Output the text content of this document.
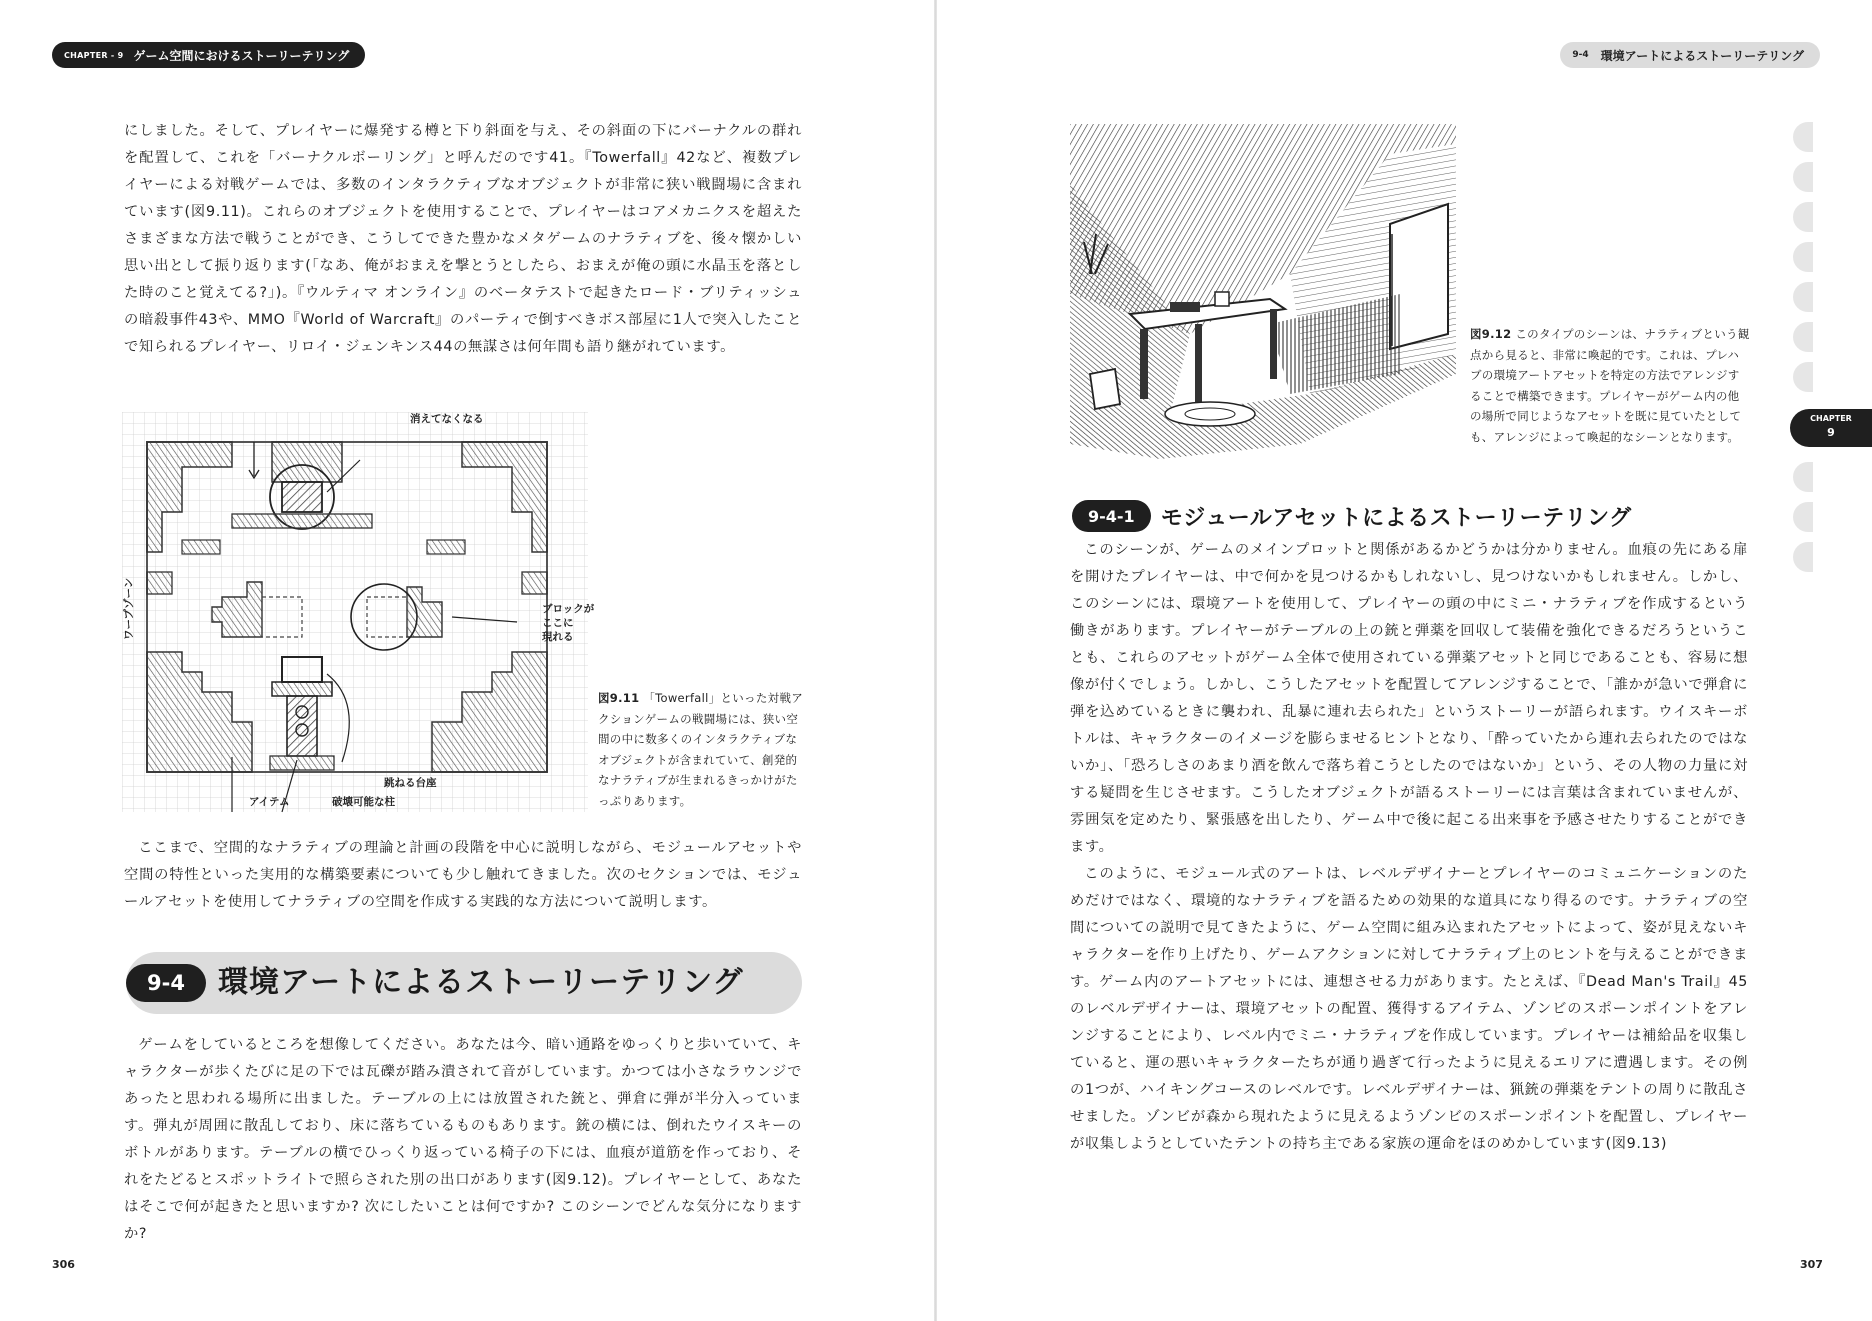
CHAPTER - 9 ゲーム空間におけるストーリーテリング

にしました。そして、プレイヤーに爆発する樽と下り斜面を与え、その斜面の下にバーナクルの群れを配置して、これを「バーナクルボーリング」と呼んだのです41。『Towerfall』42など、複数プレイヤーによる対戦ゲームでは、多数のインタラクティブなオブジェクトが非常に狭い戦闘場に含まれています(図9.11)。これらのオブジェクトを使用することで、プレイヤーはコアメカニクスを超えたさまざまな方法で戦うことができ、こうしてできた豊かなメタゲームのナラティブを、後々懐かしい思い出として振り返ります(「なあ、俺がおまえを撃とうとしたら、おまえが俺の頭に水晶玉を落とした時のこと覚えてる?」)。『ウルティマ オンライン』のベータテストで起きたロード・ブリティッシュの暗殺事件43や、MMO『World of Warcraft』のパーティで倒すべきボス部屋に1人で突入したことで知られるプレイヤー、リロイ・ジェンキンス44の無謀さは何年間も語り継がれています。

消えてなくなる
ワープゾーン	ブロックが
ここに
現れる
跳ねる台座
アイテム	破壊可能な柱
図9.11 「Towerfall」といった対戦アクションゲームの戦闘場には、狭い空間の中に数多くのインタラクティブなオブジェクトが含まれていて、創発的なナラティブが生まれるきっかけがたっぷりあります。

ここまで、空間的なナラティブの理論と計画の段階を中心に説明しながら、モジュールアセットや空間の特性といった実用的な構築要素についても少し触れてきました。次のセクションでは、モジュールアセットを使用してナラティブの空間を作成する実践的な方法について説明します。

9-4	環境アートによるストーリーテリング

ゲームをしているところを想像してください。あなたは今、暗い通路をゆっくりと歩いていて、キャラクターが歩くたびに足の下では瓦礫が踏み潰されて音がしています。かつては小さなラウンジであったと思われる場所に出ました。テーブルの上には放置された銃と、弾倉に弾が半分入っています。弾丸が周囲に散乱しており、床に落ちているものもあります。銃の横には、倒れたウイスキーのボトルがあります。テーブルの横でひっくり返っている椅子の下には、血痕が道筋を作っており、それをたどるとスポットライトで照らされた別の出口があります(図9.12)。プレイヤーとして、あなたはそこで何が起きたと思いますか? 次にしたいことは何ですか? このシーンでどんな気分になりますか?

306
9-4 環境アートによるストーリーテリング
CHAPTER
9
図9.12 このタイプのシーンは、ナラティブという観点から見ると、非常に喚起的です。これは、プレハブの環境アートアセットを特定の方法でアレンジすることで構築できます。プレイヤーがゲーム内の他の場所で同じようなアセットを既に見ていたとしても、アレンジによって喚起的なシーンとなります。
9-4-1	モジュールアセットによるストーリーテリング

このシーンが、ゲームのメインプロットと関係があるかどうかは分かりません。血痕の先にある扉を開けたプレイヤーは、中で何かを見つけるかもしれないし、見つけないかもしれません。しかし、このシーンには、環境アートを使用して、プレイヤーの頭の中にミニ・ナラティブを作成するという働きがあります。プレイヤーがテーブルの上の銃と弾薬を回収して装備を強化できるだろうということも、これらのアセットがゲーム全体で使用されている弾薬アセットと同じであることも、容易に想像が付くでしょう。しかし、こうしたアセットを配置してアレンジすることで、「誰かが急いで弾倉に弾を込めているときに襲われ、乱暴に連れ去られた」というストーリーが語られます。ウイスキーボトルは、キャラクターのイメージを膨らませるヒントとなり、「酔っていたから連れ去られたのではないか」、「恐ろしさのあまり酒を飲んで落ち着こうとしたのではないか」という、その人物の力量に対する疑問を生じさせます。こうしたオブジェクトが語るストーリーには言葉は含まれていませんが、雰囲気を定めたり、緊張感を出したり、ゲーム中で後に起こる出来事を予感させたりすることができます。

このように、モジュール式のアートは、レベルデザイナーとプレイヤーのコミュニケーションのためだけではなく、環境的なナラティブを語るための効果的な道具になり得るのです。ナラティブの空間についての説明で見てきたように、ゲーム空間に組み込まれたアセットによって、姿が見えないキャラクターを作り上げたり、ゲームアクションに対してナラティブ上のヒントを与えることができます。ゲーム内のアートアセットには、連想させる力があります。たとえば、『Dead Man's Trail』45のレベルデザイナーは、環境アセットの配置、獲得するアイテム、ゾンビのスポーンポイントをアレンジすることにより、レベル内でミニ・ナラティブを作成しています。プレイヤーは補給品を収集していると、運の悪いキャラクターたちが通り過ぎて行ったように見えるエリアに遭遇します。その例の1つが、ハイキングコースのレベルです。レベルデザイナーは、猟銃の弾薬をテントの周りに散乱させました。ゾンビが森から現れたように見えるようゾンビのスポーンポイントを配置し、プレイヤーが収集しようとしていたテントの持ち主である家族の運命をほのめかしています(図9.13)

307
